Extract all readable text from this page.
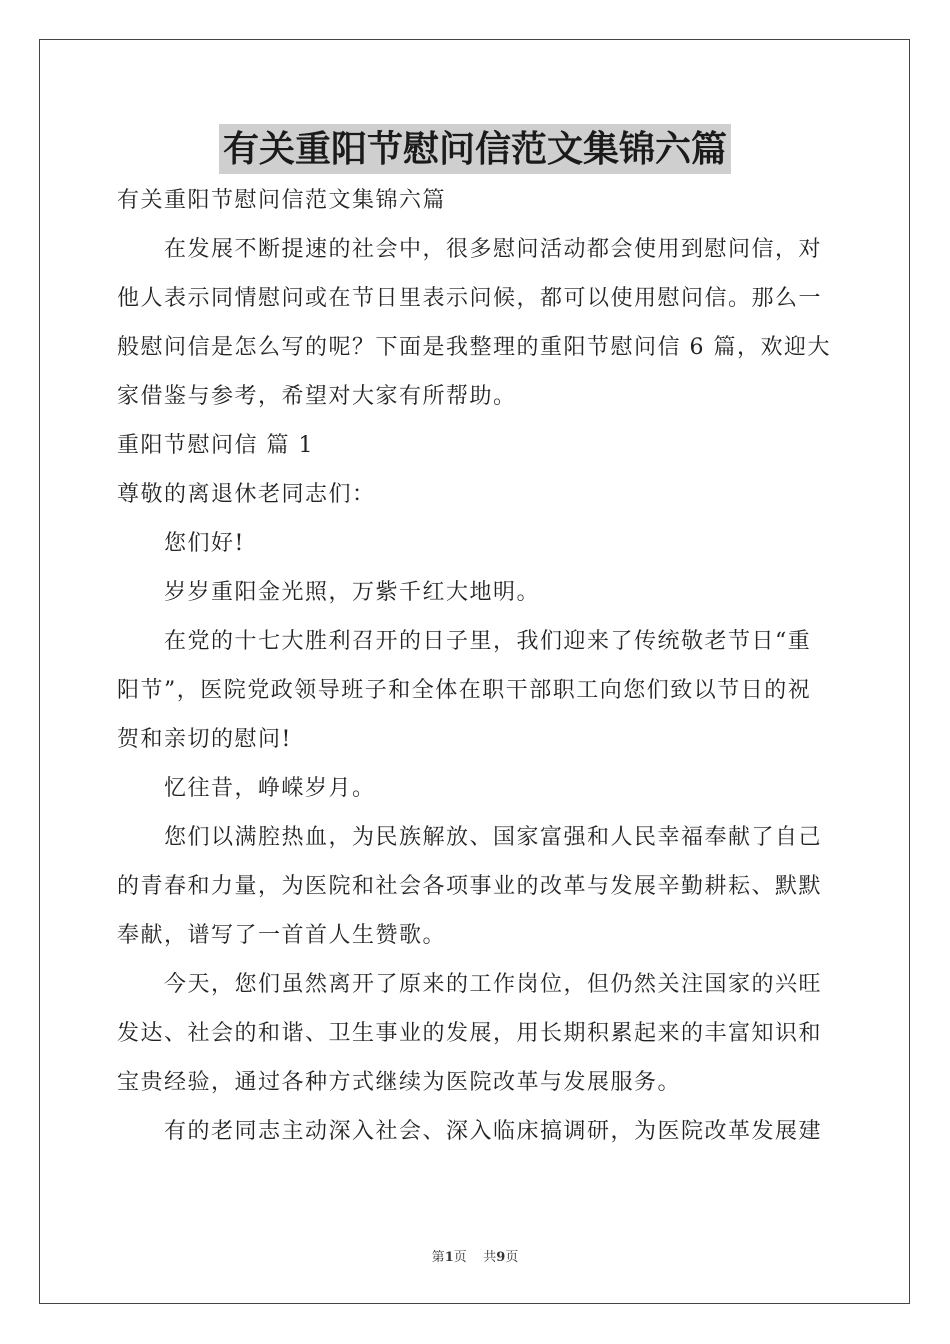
有关重阳节慰问信范文集锦六篇
有关重阳节慰问信范文集锦六篇
在发展不断提速的社会中，很多慰问活动都会使用到慰问信，对
他人表示同情慰问或在节日里表示问候，都可以使用慰问信。那么一
般慰问信是怎么写的呢？下面是我整理的重阳节慰问信 6 篇，欢迎大
家借鉴与参考，希望对大家有所帮助。
重阳节慰问信 篇 1
尊敬的离退休老同志们：
您们好!
岁岁重阳金光照，万紫千红大地明。
在党的十七大胜利召开的日子里，我们迎来了传统敬老节日“重
阳节”，医院党政领导班子和全体在职干部职工向您们致以节日的祝
贺和亲切的慰问!
忆往昔，峥嵘岁月。
您们以满腔热血，为民族解放、国家富强和人民幸福奉献了自己
的青春和力量，为医院和社会各项事业的改革与发展辛勤耕耘、默默
奉献，谱写了一首首人生赞歌。
今天，您们虽然离开了原来的工作岗位，但仍然关注国家的兴旺
发达、社会的和谐、卫生事业的发展，用长期积累起来的丰富知识和
宝贵经验，通过各种方式继续为医院改革与发展服务。
有的老同志主动深入社会、深入临床搞调研，为医院改革发展建
第1页    共9页
